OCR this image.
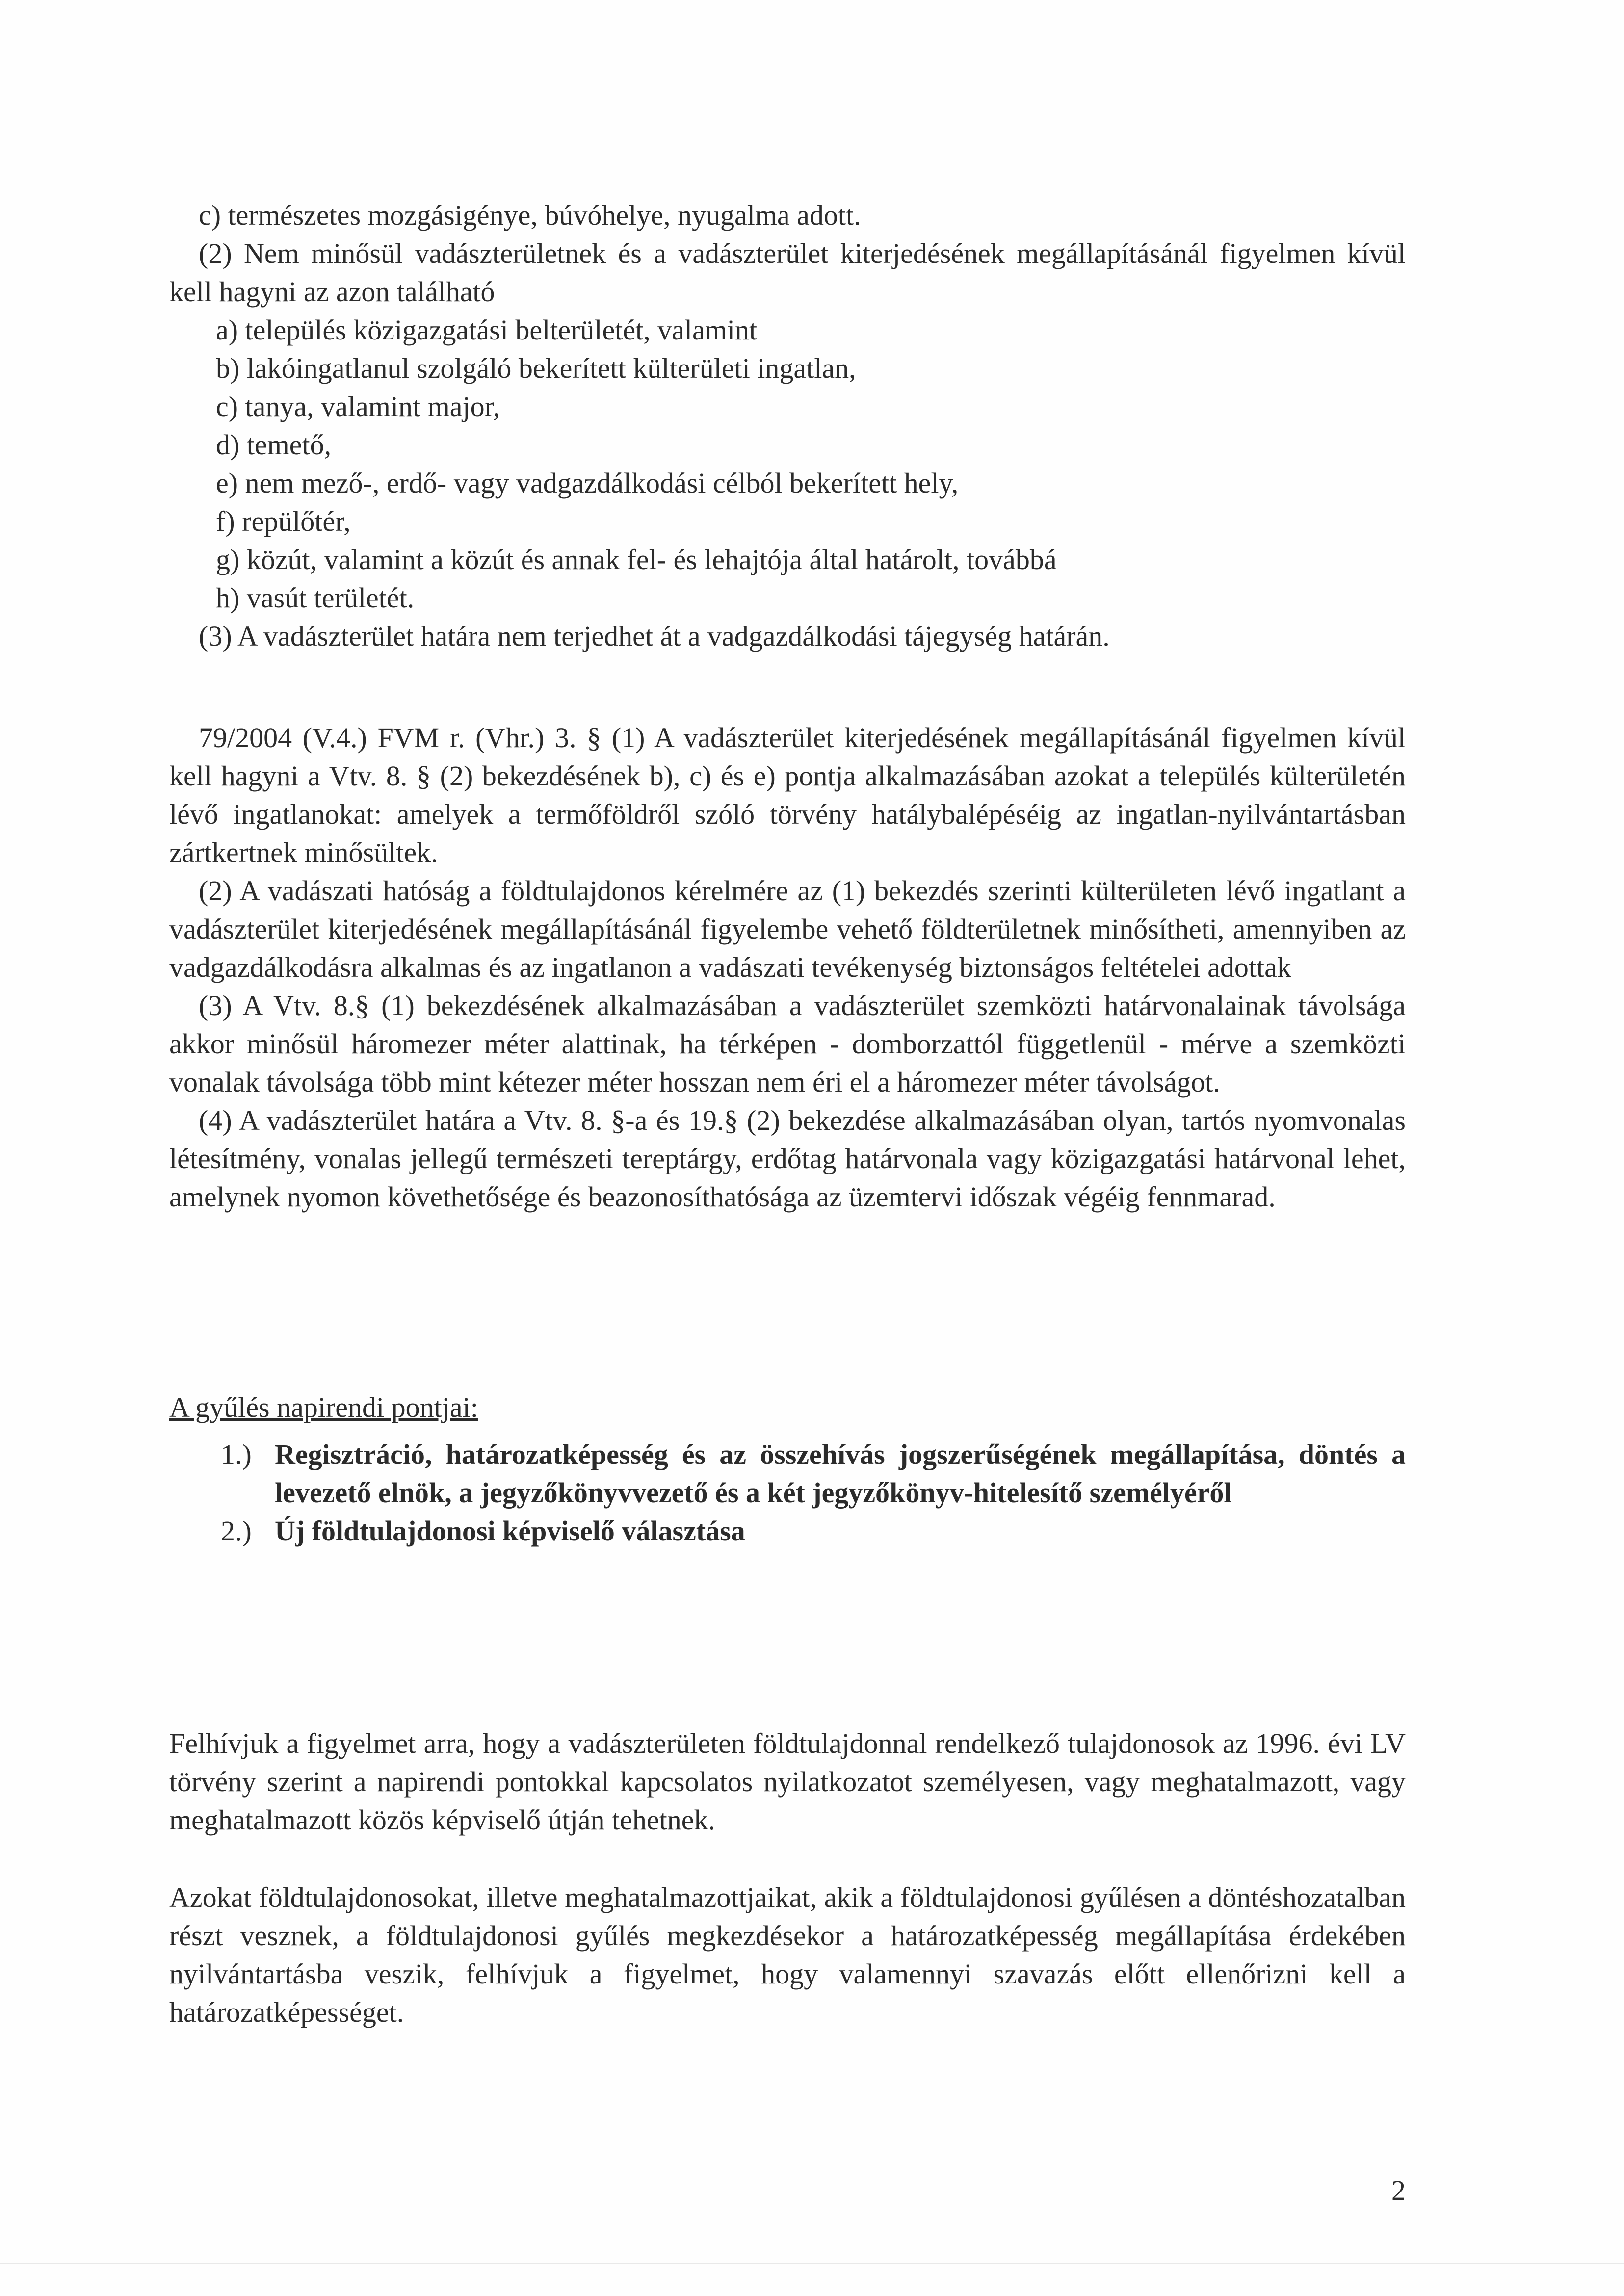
c) természetes mozgásigénye, búvóhelye, nyugalma adott.

(2) Nem minősül vadászterületnek és a vadászterület kiterjedésének megállapításánál figyelmen kívül kell hagyni az azon található

a) település közigazgatási belterületét, valamint

b) lakóingatlanul szolgáló bekerített külterületi ingatlan,

c) tanya, valamint major,

d) temető,

e) nem mező-, erdő- vagy vadgazdálkodási célból bekerített hely,

f) repülőtér,

g) közút, valamint a közút és annak fel- és lehajtója által határolt, továbbá

h) vasút területét.

(3) A vadászterület határa nem terjedhet át a vadgazdálkodási tájegység határán.

79/2004 (V.4.) FVM r. (Vhr.) 3. § (1) A vadászterület kiterjedésének megállapításánál figyelmen kívül kell hagyni a Vtv. 8. § (2) bekezdésének b), c) és e) pontja alkalmazásában azokat a település külterületén lévő ingatlanokat: amelyek a termőföldről szóló törvény hatálybalépéséig az ingatlan-nyilvántartásban zártkertnek minősültek.

(2) A vadászati hatóság a földtulajdonos kérelmére az (1) bekezdés szerinti külterületen lévő ingatlant a vadászterület kiterjedésének megállapításánál figyelembe vehető földterületnek minősítheti, amennyiben az vadgazdálkodásra alkalmas és az ingatlanon a vadászati tevékenység biztonságos feltételei adottak

(3) A Vtv. 8.§ (1) bekezdésének alkalmazásában a vadászterület szemközti határvonalainak távolsága akkor minősül háromezer méter alattinak, ha térképen - domborzattól függetlenül - mérve a szemközti vonalak távolsága több mint kétezer méter hosszan nem éri el a háromezer méter távolságot.

(4) A vadászterület határa a Vtv. 8. §-a és 19.§ (2) bekezdése alkalmazásában olyan, tartós nyomvonalas létesítmény, vonalas jellegű természeti tereptárgy, erdőtag határvonala vagy közigazgatási határvonal lehet, amelynek nyomon követhetősége és beazonosíthatósága az üzemtervi időszak végéig fennmarad.

A gyűlés napirendi pontjai:

1.) Regisztráció, határozatképesség és az összehívás jogszerűségének megállapítása, döntés a levezető elnök, a jegyzőkönyvvezető és a két jegyzőkönyv-hitelesítő személyéről
2.) Új földtulajdonosi képviselő választása

Felhívjuk a figyelmet arra, hogy a vadászterületen földtulajdonnal rendelkező tulajdonosok az 1996. évi LV törvény szerint a napirendi pontokkal kapcsolatos nyilatkozatot személyesen, vagy meghatalmazott, vagy meghatalmazott közös képviselő útján tehetnek.

Azokat földtulajdonosokat, illetve meghatalmazottjaikat, akik a földtulajdonosi gyűlésen a döntéshozatalban részt vesznek, a földtulajdonosi gyűlés megkezdésekor a határozatképesség megállapítása érdekében nyilvántartásba veszik, felhívjuk a figyelmet, hogy valamennyi szavazás előtt ellenőrizni kell a határozatképességet.

2
